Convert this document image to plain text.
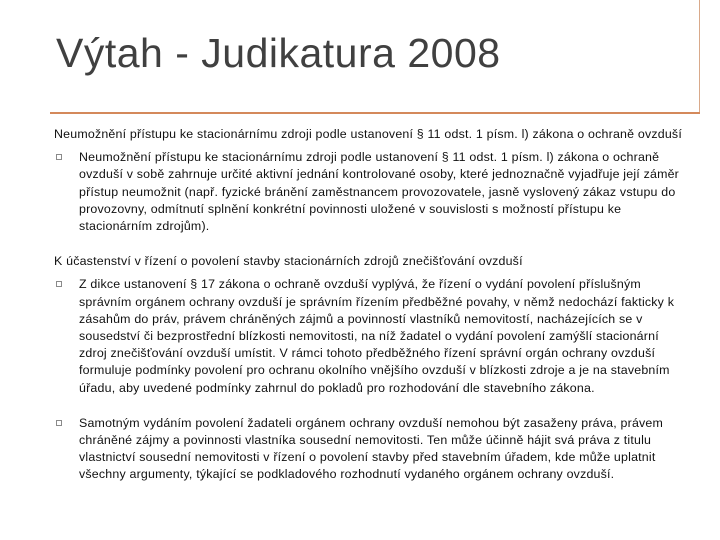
Výtah - Judikatura 2008

Neumožnění přístupu ke stacionárnímu zdroji podle ustanovení § 11 odst. 1 písm. l) zákona o ochraně ovzduší

Neumožnění přístupu ke stacionárnímu zdroji podle ustanovení § 11 odst. 1 písm. l) zákona o ochraně ovzduší v sobě zahrnuje určité aktivní jednání kontrolované osoby, které jednoznačně vyjadřuje její záměr přístup neumožnit (např. fyzické bránění zaměstnancem provozovatele, jasně vyslovený zákaz vstupu do provozovny, odmítnutí splnění konkrétní povinnosti uložené v souvislosti s možností přístupu ke stacionárním zdrojům).

K účastenství v řízení o povolení stavby stacionárních zdrojů znečišťování ovzduší

Z dikce ustanovení § 17 zákona o ochraně ovzduší vyplývá, že řízení o vydání povolení příslušným správním orgánem ochrany ovzduší je správním řízením předběžné povahy, v němž nedochází fakticky k zásahům do práv, právem chráněných zájmů a povinností vlastníků nemovitostí, nacházejících se v sousedství či bezprostřední blízkosti nemovitosti, na níž žadatel o vydání povolení zamýšlí stacionární zdroj znečišťování ovzduší umístit. V rámci tohoto předběžného řízení správní orgán ochrany ovzduší formuluje podmínky povolení pro ochranu okolního vnějšího ovzduší v blízkosti zdroje a je na stavebním úřadu, aby uvedené podmínky zahrnul do pokladů pro rozhodování dle stavebního zákona.
Samotným vydáním povolení žadateli orgánem ochrany ovzduší nemohou být zasaženy práva, právem chráněné zájmy a povinnosti vlastníka sousední nemovitosti. Ten může účinně hájit svá práva z titulu vlastnictví sousední nemovitosti v řízení o povolení stavby před stavebním úřadem, kde může uplatnit všechny argumenty, týkající se podkladového rozhodnutí vydaného orgánem ochrany ovzduší.
